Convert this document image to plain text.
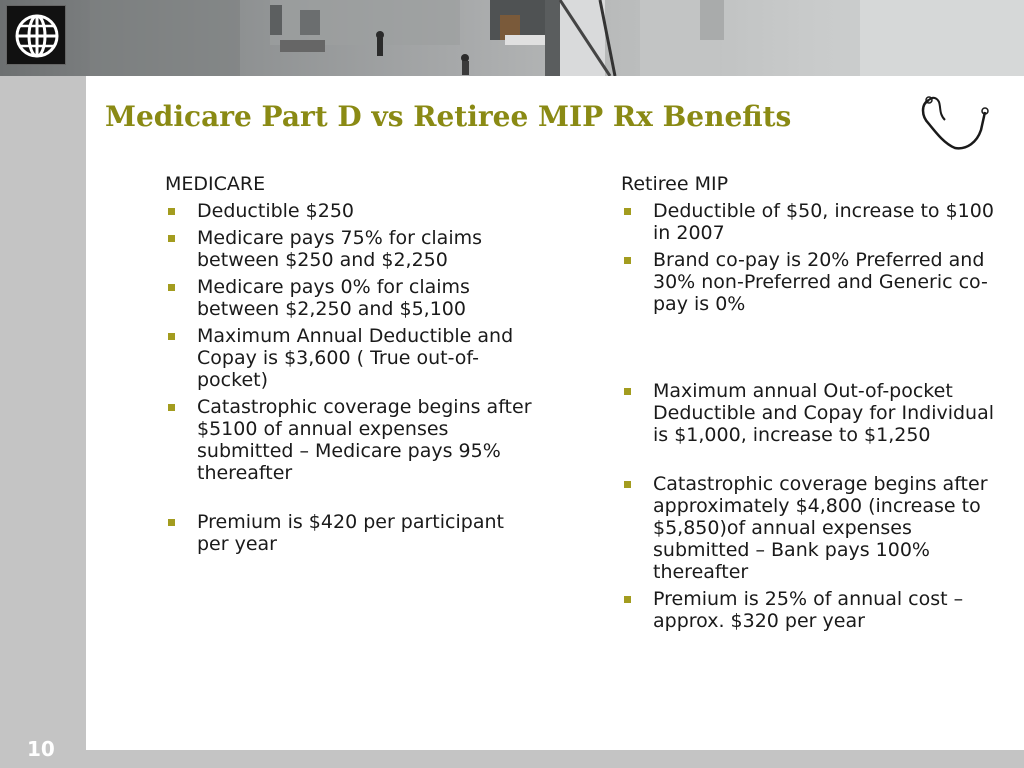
Medicare Part D vs Retiree MIP Rx Benefits
MEDICARE
Deductible $250
Medicare pays 75% for claims between $250 and $2,250
Medicare pays 0% for claims between $2,250 and $5,100
Maximum Annual Deductible and Copay is $3,600 ( True out-of-pocket)
Catastrophic coverage begins after $5100 of annual expenses submitted – Medicare pays 95% thereafter
Premium is $420 per participant per year
Retiree MIP
Deductible of $50, increase to $100 in 2007
Brand co-pay is 20% Preferred and 30% non-Preferred and Generic co-pay is 0%
Maximum annual Out-of-pocket Deductible and Copay for Individual is $1,000, increase to $1,250
Catastrophic coverage begins after approximately $4,800 (increase to $5,850)of annual expenses submitted – Bank pays 100% thereafter
Premium is 25% of annual cost – approx. $320 per year
10
